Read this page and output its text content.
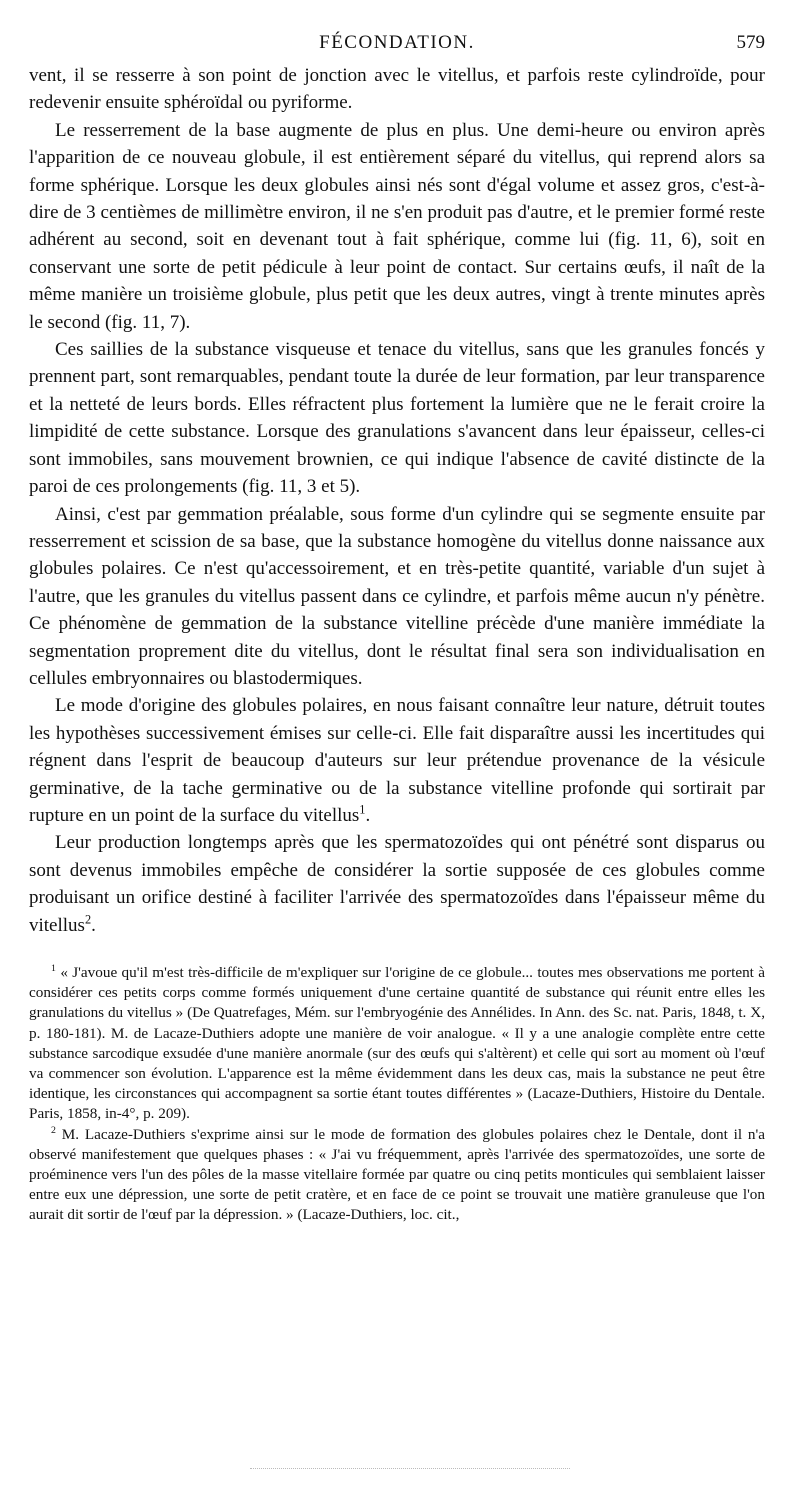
FÉCONDATION.	579

vent, il se resserre à son point de jonction avec le vitellus, et parfois reste cylindroïde, pour redevenir ensuite sphéroïdal ou pyriforme.

Le resserrement de la base augmente de plus en plus. Une demi-heure ou environ après l'apparition de ce nouveau globule, il est entièrement séparé du vitellus, qui reprend alors sa forme sphérique. Lorsque les deux globules ainsi nés sont d'égal volume et assez gros, c'est-à-dire de 3 centièmes de millimètre environ, il ne s'en produit pas d'autre, et le premier formé reste adhérent au second, soit en devenant tout à fait sphérique, comme lui (fig. 11, 6), soit en conservant une sorte de petit pédicule à leur point de contact. Sur certains œufs, il naît de la même manière un troisième globule, plus petit que les deux autres, vingt à trente minutes après le second (fig. 11, 7).

Ces saillies de la substance visqueuse et tenace du vitellus, sans que les granules foncés y prennent part, sont remarquables, pendant toute la durée de leur formation, par leur transparence et la netteté de leurs bords. Elles réfractent plus fortement la lumière que ne le ferait croire la limpidité de cette substance. Lorsque des granulations s'avancent dans leur épaisseur, celles-ci sont immobiles, sans mouvement brownien, ce qui indique l'absence de cavité distincte de la paroi de ces prolongements (fig. 11, 3 et 5).

Ainsi, c'est par gemmation préalable, sous forme d'un cylindre qui se segmente ensuite par resserrement et scission de sa base, que la substance homogène du vitellus donne naissance aux globules polaires. Ce n'est qu'accessoirement, et en très-petite quantité, variable d'un sujet à l'autre, que les granules du vitellus passent dans ce cylindre, et parfois même aucun n'y pénètre. Ce phénomène de gemmation de la substance vitelline précède d'une manière immédiate la segmentation proprement dite du vitellus, dont le résultat final sera son individualisation en cellules embryonnaires ou blastodermiques.

Le mode d'origine des globules polaires, en nous faisant connaître leur nature, détruit toutes les hypothèses successivement émises sur celle-ci. Elle fait disparaître aussi les incertitudes qui régnent dans l'esprit de beaucoup d'auteurs sur leur prétendue provenance de la vésicule germinative, de la tache germinative ou de la substance vitelline profonde qui sortirait par rupture en un point de la surface du vitellus$^1$.

Leur production longtemps après que les spermatozoïdes qui ont pénétré sont disparus ou sont devenus immobiles empêche de considérer la sortie supposée de ces globules comme produisant un orifice destiné à faciliter l'arrivée des spermatozoïdes dans l'épaisseur même du vitellus$^2$.

$^1$ « J'avoue qu'il m'est très-difficile de m'expliquer sur l'origine de ce globule... toutes mes observations me portent à considérer ces petits corps comme formés uniquement d'une certaine quantité de substance qui réunit entre elles les granulations du vitellus » (De Quatrefages, Mém. sur l'embryogénie des Annélides. In Ann. des Sc. nat. Paris, 1848, t. X, p. 180-181). M. de Lacaze-Duthiers adopte une manière de voir analogue. « Il y a une analogie complète entre cette substance sarcodique exsudée d'une manière anormale (sur des œufs qui s'altèrent) et celle qui sort au moment où l'œuf va commencer son évolution. L'apparence est la même évidemment dans les deux cas, mais la substance ne peut être identique, les circonstances qui accompagnent sa sortie étant toutes différentes » (Lacaze-Duthiers, Histoire du Dentale. Paris, 1858, in-4°, p. 209).

$^2$ M. Lacaze-Duthiers s'exprime ainsi sur le mode de formation des globules polaires chez le Dentale, dont il n'a observé manifestement que quelques phases : « J'ai vu fréquemment, après l'arrivée des spermatozoïdes, une sorte de proéminence vers l'un des pôles de la masse vitellaire formée par quatre ou cinq petits monticules qui semblaient laisser entre eux une dépression, une sorte de petit cratère, et en face de ce point se trouvait une matière granuleuse que l'on aurait dit sortir de l'œuf par la dépression. » (Lacaze-Duthiers, loc. cit.,
